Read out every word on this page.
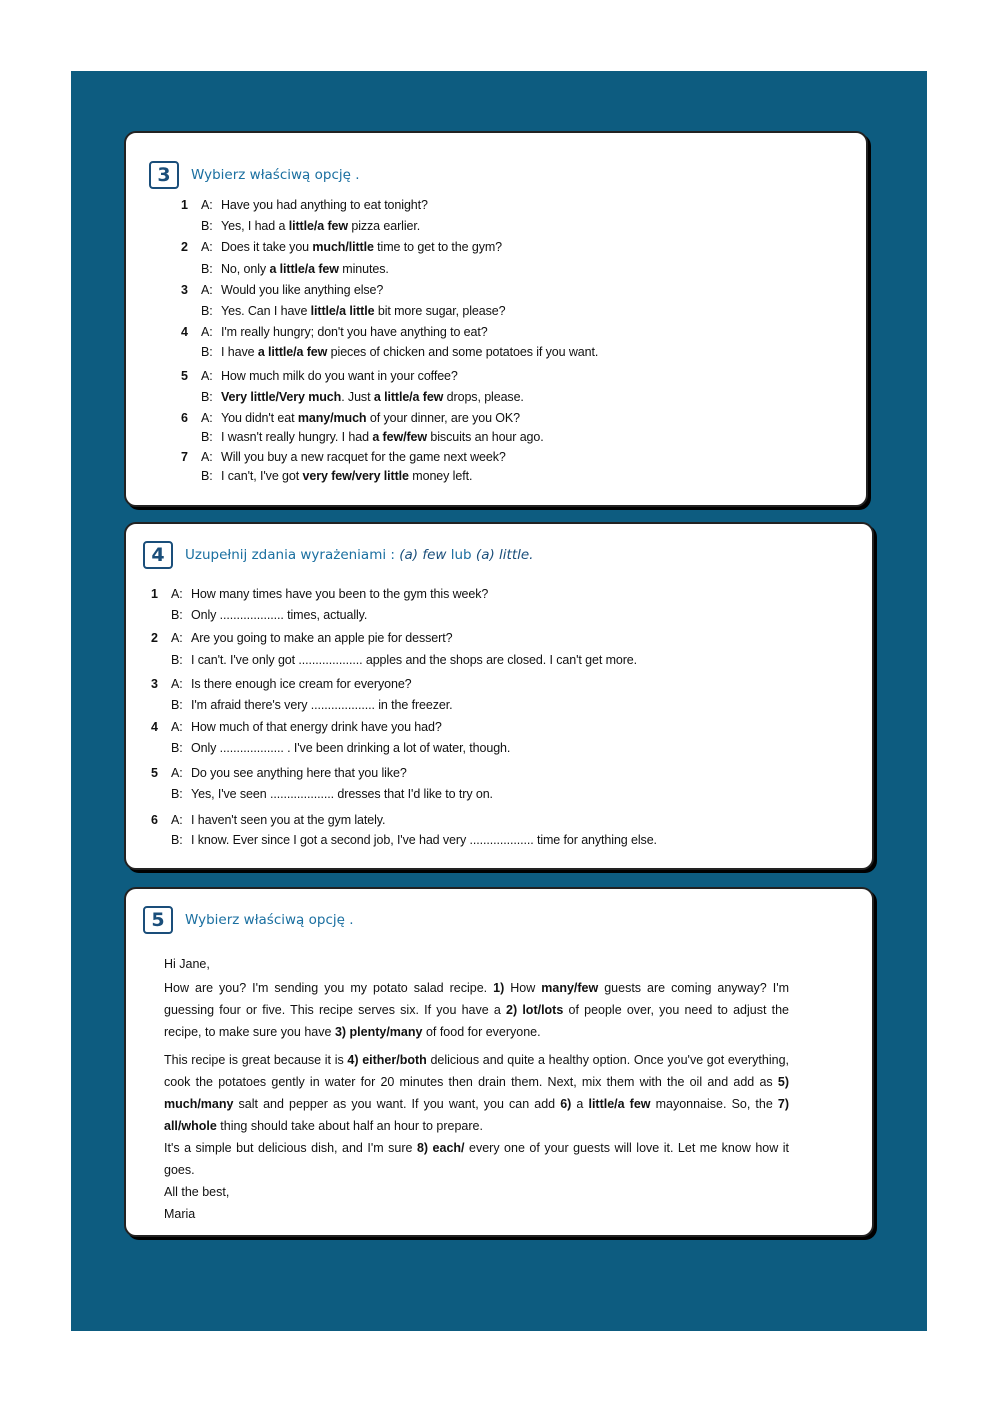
3	Wybierz właściwą opcję .
1 A: Have you had anything to eat tonight?
B: Yes, I had a little/a few pizza earlier.
2 A: Does it take you much/little time to get to the gym?
B: No, only a little/a few minutes.
3 A: Would you like anything else?
B: Yes. Can I have little/a little bit more sugar, please?
4 A: I'm really hungry; don't you have anything to eat?
B: I have a little/a few pieces of chicken and some potatoes if you want.
5 A: How much milk do you want in your coffee?
B: Very little/Very much. Just a little/a few drops, please.
6 A: You didn't eat many/much of your dinner, are you OK?
B: I wasn't really hungry. I had a few/few biscuits an hour ago.
7 A: Will you buy a new racquet for the game next week?
B: I can't, I've got very few/very little money left.
4	Uzupełnij zdania wyrażeniami : (a) few lub (a) little.
1 A: How many times have you been to the gym this week?
B: Only ................... times, actually.
2 A: Are you going to make an apple pie for dessert?
B: I can't. I've only got ................... apples and the shops are closed. I can't get more.
3 A: Is there enough ice cream for everyone?
B: I'm afraid there's very ................... in the freezer.
4 A: How much of that energy drink have you had?
B: Only ................... . I've been drinking a lot of water, though.
5 A: Do you see anything here that you like?
B: Yes, I've seen ................... dresses that I'd like to try on.
6 A: I haven't seen you at the gym lately.
B: I know. Ever since I got a second job, I've had very ................... time for anything else.
5	Wybierz właściwą opcję .

Hi Jane,

How are you? I'm sending you my potato salad recipe. 1) How many/few guests are coming anyway? I'm guessing four or five. This recipe serves six. If you have a 2) lot/lots of people over, you need to adjust the recipe, to make sure you have 3) plenty/many of food for everyone.

This recipe is great because it is 4) either/both delicious and quite a healthy option. Once you've got everything, cook the potatoes gently in water for 20 minutes then drain them. Next, mix them with the oil and add as 5) much/many salt and pepper as you want. If you want, you can add 6) a little/a few mayonnaise. So, the 7) all/whole thing should take about half an hour to prepare.

It's a simple but delicious dish, and I'm sure 8) each/ every one of your guests will love it. Let me know how it goes.

All the best,

Maria
